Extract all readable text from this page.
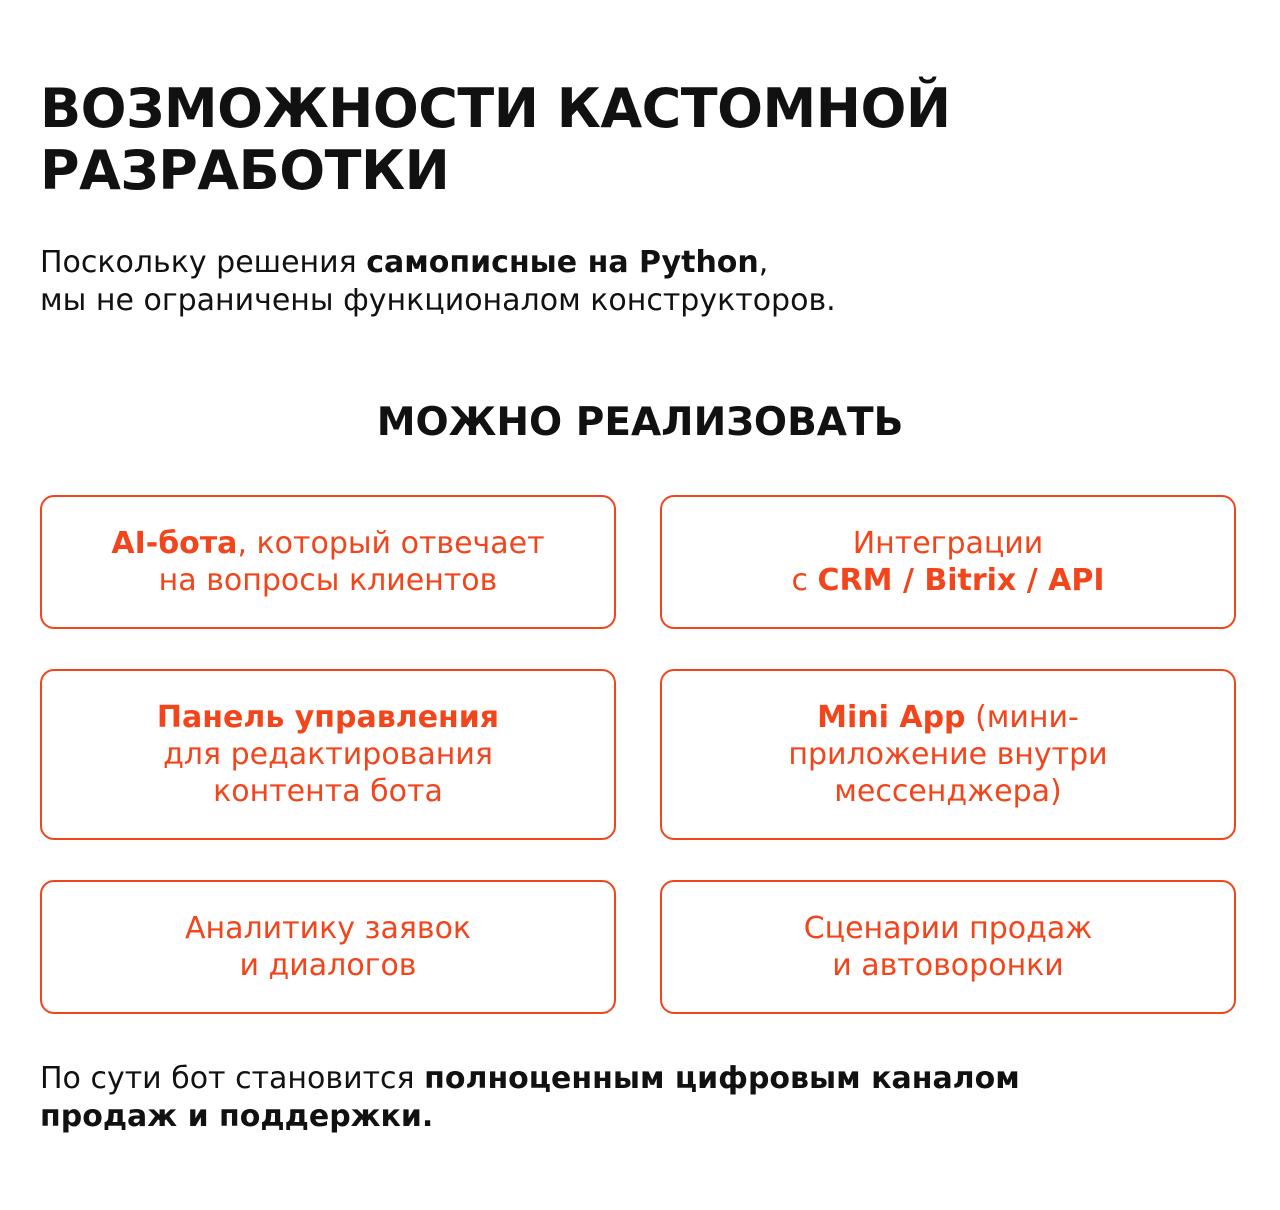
ВОЗМОЖНОСТИ КАСТОМНОЙ
РАЗРАБОТКИ
Поскольку решения самописные на Python,
мы не ограничены функционалом конструкторов.
МОЖНО РЕАЛИЗОВАТЬ
AI-бота, который отвечает
на вопросы клиентов
Интеграции
с CRM / Bitrix / API
Панель управления
для редактирования
контента бота
Mini App (мини-
приложение внутри
мессенджера)
Аналитику заявок
и диалогов
Сценарии продаж
и автоворонки
По сути бот становится полноценным цифровым каналом
продаж и поддержки.
